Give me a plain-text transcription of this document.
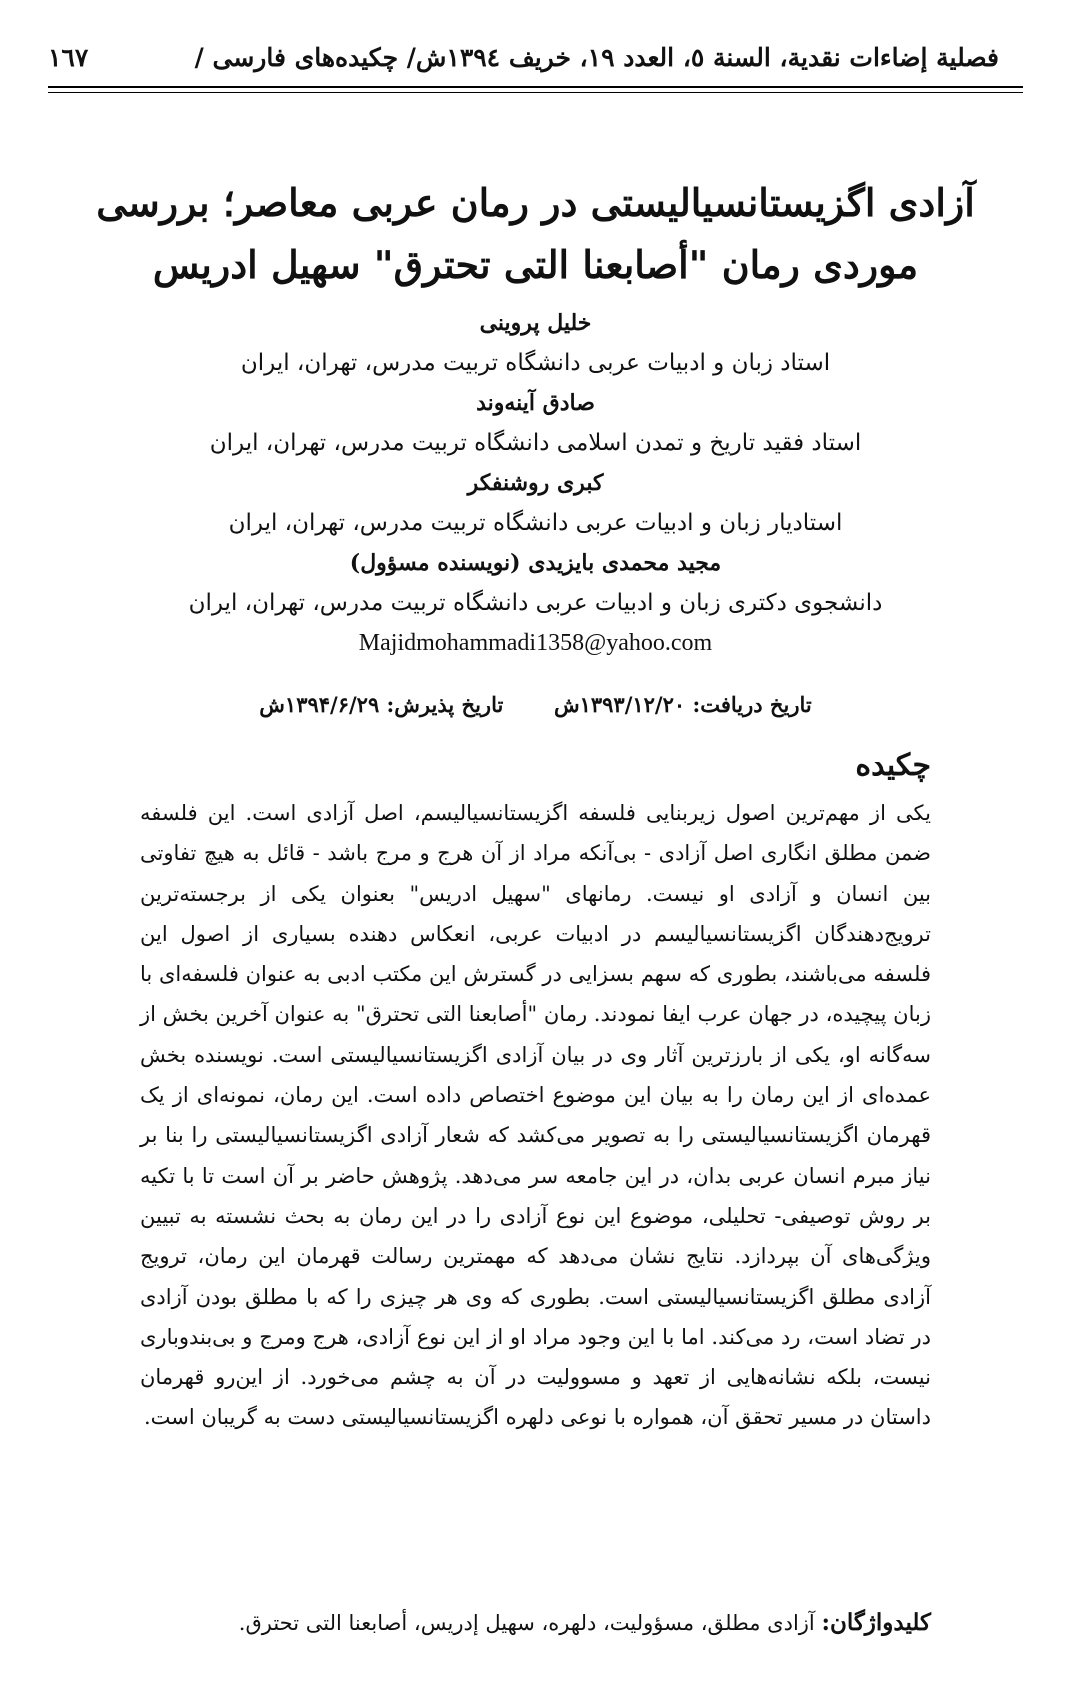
فصلیة إضاءات نقدیة، السنة ٥، العدد ١٩، خریف ١٣٩٤ش/ چکیده‌های فارسی /
١٦٧
آزادی اگزیستانسیالیستی در رمان عربی معاصر؛ بررسی
موردی رمان "أصابعنا التی تحترق" سهیل ادریس
خلیل پروینی
استاد زبان و ادبیات عربی دانشگاه تربیت مدرس، تهران، ایران
صادق آینه‌وند
استاد فقید تاریخ و تمدن اسلامی دانشگاه تربیت مدرس، تهران، ایران
کبری روشنفکر
استادیار زبان و ادبیات عربی دانشگاه تربیت مدرس، تهران، ایران
مجید محمدی بایزیدی (نویسنده مسؤول)
دانشجوی دکتری زبان و ادبیات عربی دانشگاه تربیت مدرس، تهران، ایران
Majidmohammadi1358@yahoo.com
تاریخ دریافت: ۱۳۹۳/۱۲/۲۰ش  تاریخ پذیرش: ۱۳۹۴/۶/۲۹ش
چکیده
یکی از مهم‌ترین اصول زیربنایی فلسفه اگزیستانسیالیسم، اصل آزادی است. این فلسفه ضمن مطلق انگاری اصل آزادی - بی‌آنکه مراد از آن هرج و مرج باشد - قائل به هیچ تفاوتی بین انسان و آزادی او نیست. رمانهای "سهیل ادریس" بعنوان یکی از برجسته‌ترین ترویج‌دهندگان اگزیستانسیالیسم در ادبیات عربی، انعکاس دهنده بسیاری از اصول این فلسفه می‌باشند، بطوری که سهم بسزایی در گسترش این مکتب ادبی به عنوان فلسفه‌ای با زبان پیچیده، در جهان عرب ایفا نمودند. رمان "أصابعنا التی تحترق" به عنوان آخرین بخش از سه‌گانه او، یکی از بارزترین آثار وی در بیان آزادی اگزیستانسیالیستی است. نویسنده بخش عمده‌ای از این رمان را به بیان این موضوع اختصاص داده است. این رمان، نمونه‌ای از یک قهرمان اگزیستانسیالیستی را به تصویر می‌کشد که شعار آزادی اگزیستانسیالیستی را بنا بر نیاز مبرم انسان عربی بدان، در این جامعه سر می‌دهد. پژوهش حاضر بر آن است تا با تکیه بر روش توصیفی- تحلیلی، موضوع این نوع آزادی را در این رمان به بحث نشسته به تبیین ویژگی‌های آن بپردازد. نتایج نشان می‌دهد که مهمترین رسالت قهرمان این رمان، ترویج آزادی مطلق اگزیستانسیالیستی است. بطوری که وی هر چیزی را که با مطلق بودن آزادی در تضاد است، رد می‌کند. اما با این وجود مراد او از این نوع آزادی، هرج ومرج و بی‌بندوباری نیست، بلکه نشانه‌هایی از تعهد و مسوولیت در آن به چشم می‌خورد. از این‌رو قهرمان داستان در مسیر تحقق آن، همواره با نوعی دلهره اگزیستانسیالیستی دست به گریبان است.
کلیدواژگان: آزادی مطلق، مسؤولیت، دلهره، سهیل إدریس، أصابعنا التی تحترق.
